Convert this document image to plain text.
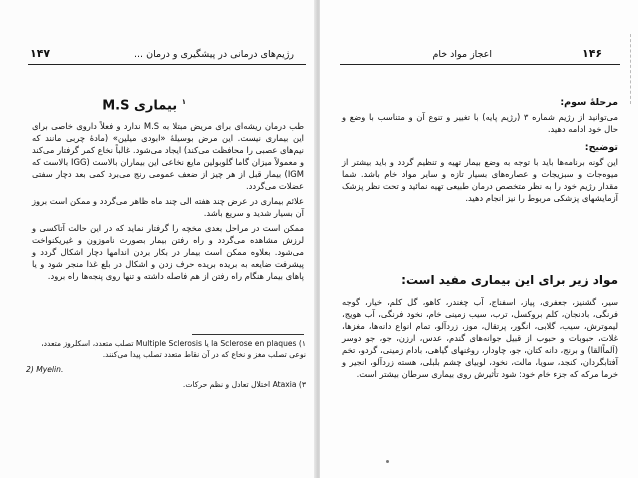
۱۴۷	رژیم‌های درمانی در پیشگیری و درمان ...
$^۱$ بیماری M.S

طب درمان ریشه‌ای برای مریض مبتلا به M.S ندارد و فعلاً داروی خاصی برای این بیماری نیست. این مرض بوسیلهٔ «ابودی میلین» (مادهٔ چربی مانند که نیم‌های عصبی را محافظت می‌کند) ایجاد می‌شود. غالباً نخاع کمر گرفتار می‌کند و معمولاً میزان گاما گلوبولین مایع نخاعی این بیماران بالاست (IGG بالاست که IGM) بیمار قبل از هر چیز از ضعف عمومی رنج می‌برد کمی بعد دچار سفتی عضلات می‌گردد.

علائم بیماری در عرض چند هفته الی چند ماه ظاهر می‌گردد و ممکن است بروز آن بسیار شدید و سریع باشد.

ممکن است در مراحل بعدی مخچه را گرفتار نماید که در این حالت آتاکسی و لرزش مشاهده می‌گردد و راه رفتن بیمار بصورت ناموزون و غیریکنواخت می‌شود. بعلاوه ممکن است بیمار در بکار بردن اندامها دچار اشکال گردد و پیشرفت ضایعه به بریده بریده حرف زدن و اشکال در بلع غذا منجر شود و یا پاهای بیمار هنگام راه رفتن از هم فاصله داشته و تنها روی پنجه‌ها راه برود.

۱) la Sclerose en plaques یا Multiple Sclerosis تصلب متعدد، اسکلروز متعدد، نوعی تصلب مغز و نخاع که در آن نقاط متعدد تصلب پیدا می‌کنند.
2) Myelin.
۳) Ataxia اختلال تعادل و نظم حرکات.
اعجاز مواد خام	۱۴۶
مرحلهٔ سوم:

می‌توانید از رژیم شماره ۳ (رژیم پایه) با تغییر و تنوع آن و متناسب با وضع و حال خود ادامه دهید.

توضیح:

این گونه برنامه‌ها باید با توجه به وضع بیمار تهیه و تنظیم گردد و باید بیشتر از میوه‌جات و سبزیجات و عصاره‌های بسیار تازه و سایر مواد خام باشد. شما مقدار رژیم خود را به نظر متخصص درمان طبیعی تهیه نمائید و تحت نظر پزشک آزمایشهای پزشکی مربوط را نیز انجام دهید.

مواد زیر برای این بیماری مفید است:

سیر، گشنیز، جعفری، پیاز، اسفناج، آب چغندر، کاهو، گل کلم، خیار، گوجه فرنگی، بادنجان، کلم بروکسل، ترب، سیب زمینی خام، نخود فرنگی، آب هویج، لیموترش، سیب، گلابی، انگور، پرتقال، موز، زردآلو، تمام انواع دانه‌ها، مغزها، غلات، حبوبات و حبوب از قبیل جوانه‌های گندم، عدس، ارزن، جو، جو دوسر (اَلماً‌القا) و برنج، دانه کتان، جو، چاودار، روغنهای گیاهی، بادام زمینی، گردو، تخم آفتابگردان، کنجد، سویا، مالت، نخود، لوبیای چشم بلبلی، هسته زردآلو، انجیر و خرما مرکه که جزء خام خود: شود تأثیرش روی بیماری سرطان بیشتر است.
